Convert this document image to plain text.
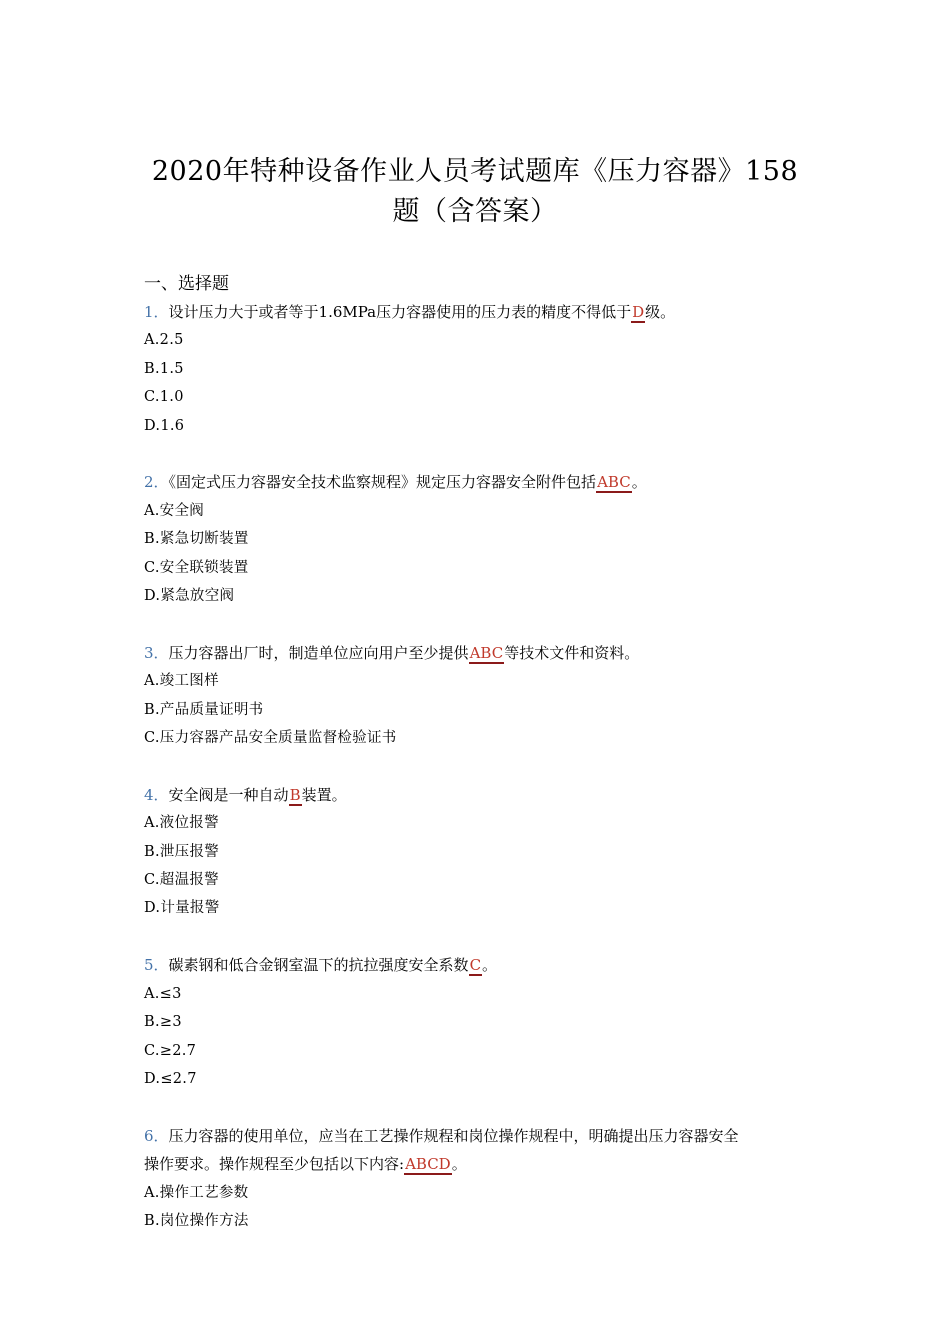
2020年特种设备作业人员考试题库《压力容器》158
题（含答案）

一、选择题

1．设计压力大于或者等于1.6MPa压力容器使用的压力表的精度不得低于D级。

A.2.5

B.1.5

C.1.0

D.1.6

2．《固定式压力容器安全技术监察规程》规定压力容器安全附件包括ABC。

A.安全阀

B.紧急切断装置

C.安全联锁装置

D.紧急放空阀

3．压力容器出厂时，制造单位应向用户至少提供ABC等技术文件和资料。

A.竣工图样

B.产品质量证明书

C.压力容器产品安全质量监督检验证书

4．安全阀是一种自动B装置。

A.液位报警

B.泄压报警

C.超温报警

D.计量报警

5．碳素钢和低合金钢室温下的抗拉强度安全系数C。

A.≤3

B.≥3

C.≥2.7

D.≤2.7

6．压力容器的使用单位，应当在工艺操作规程和岗位操作规程中，明确提出压力容器安全

操作要求。操作规程至少包括以下内容:ABCD。

A.操作工艺参数

B.岗位操作方法
